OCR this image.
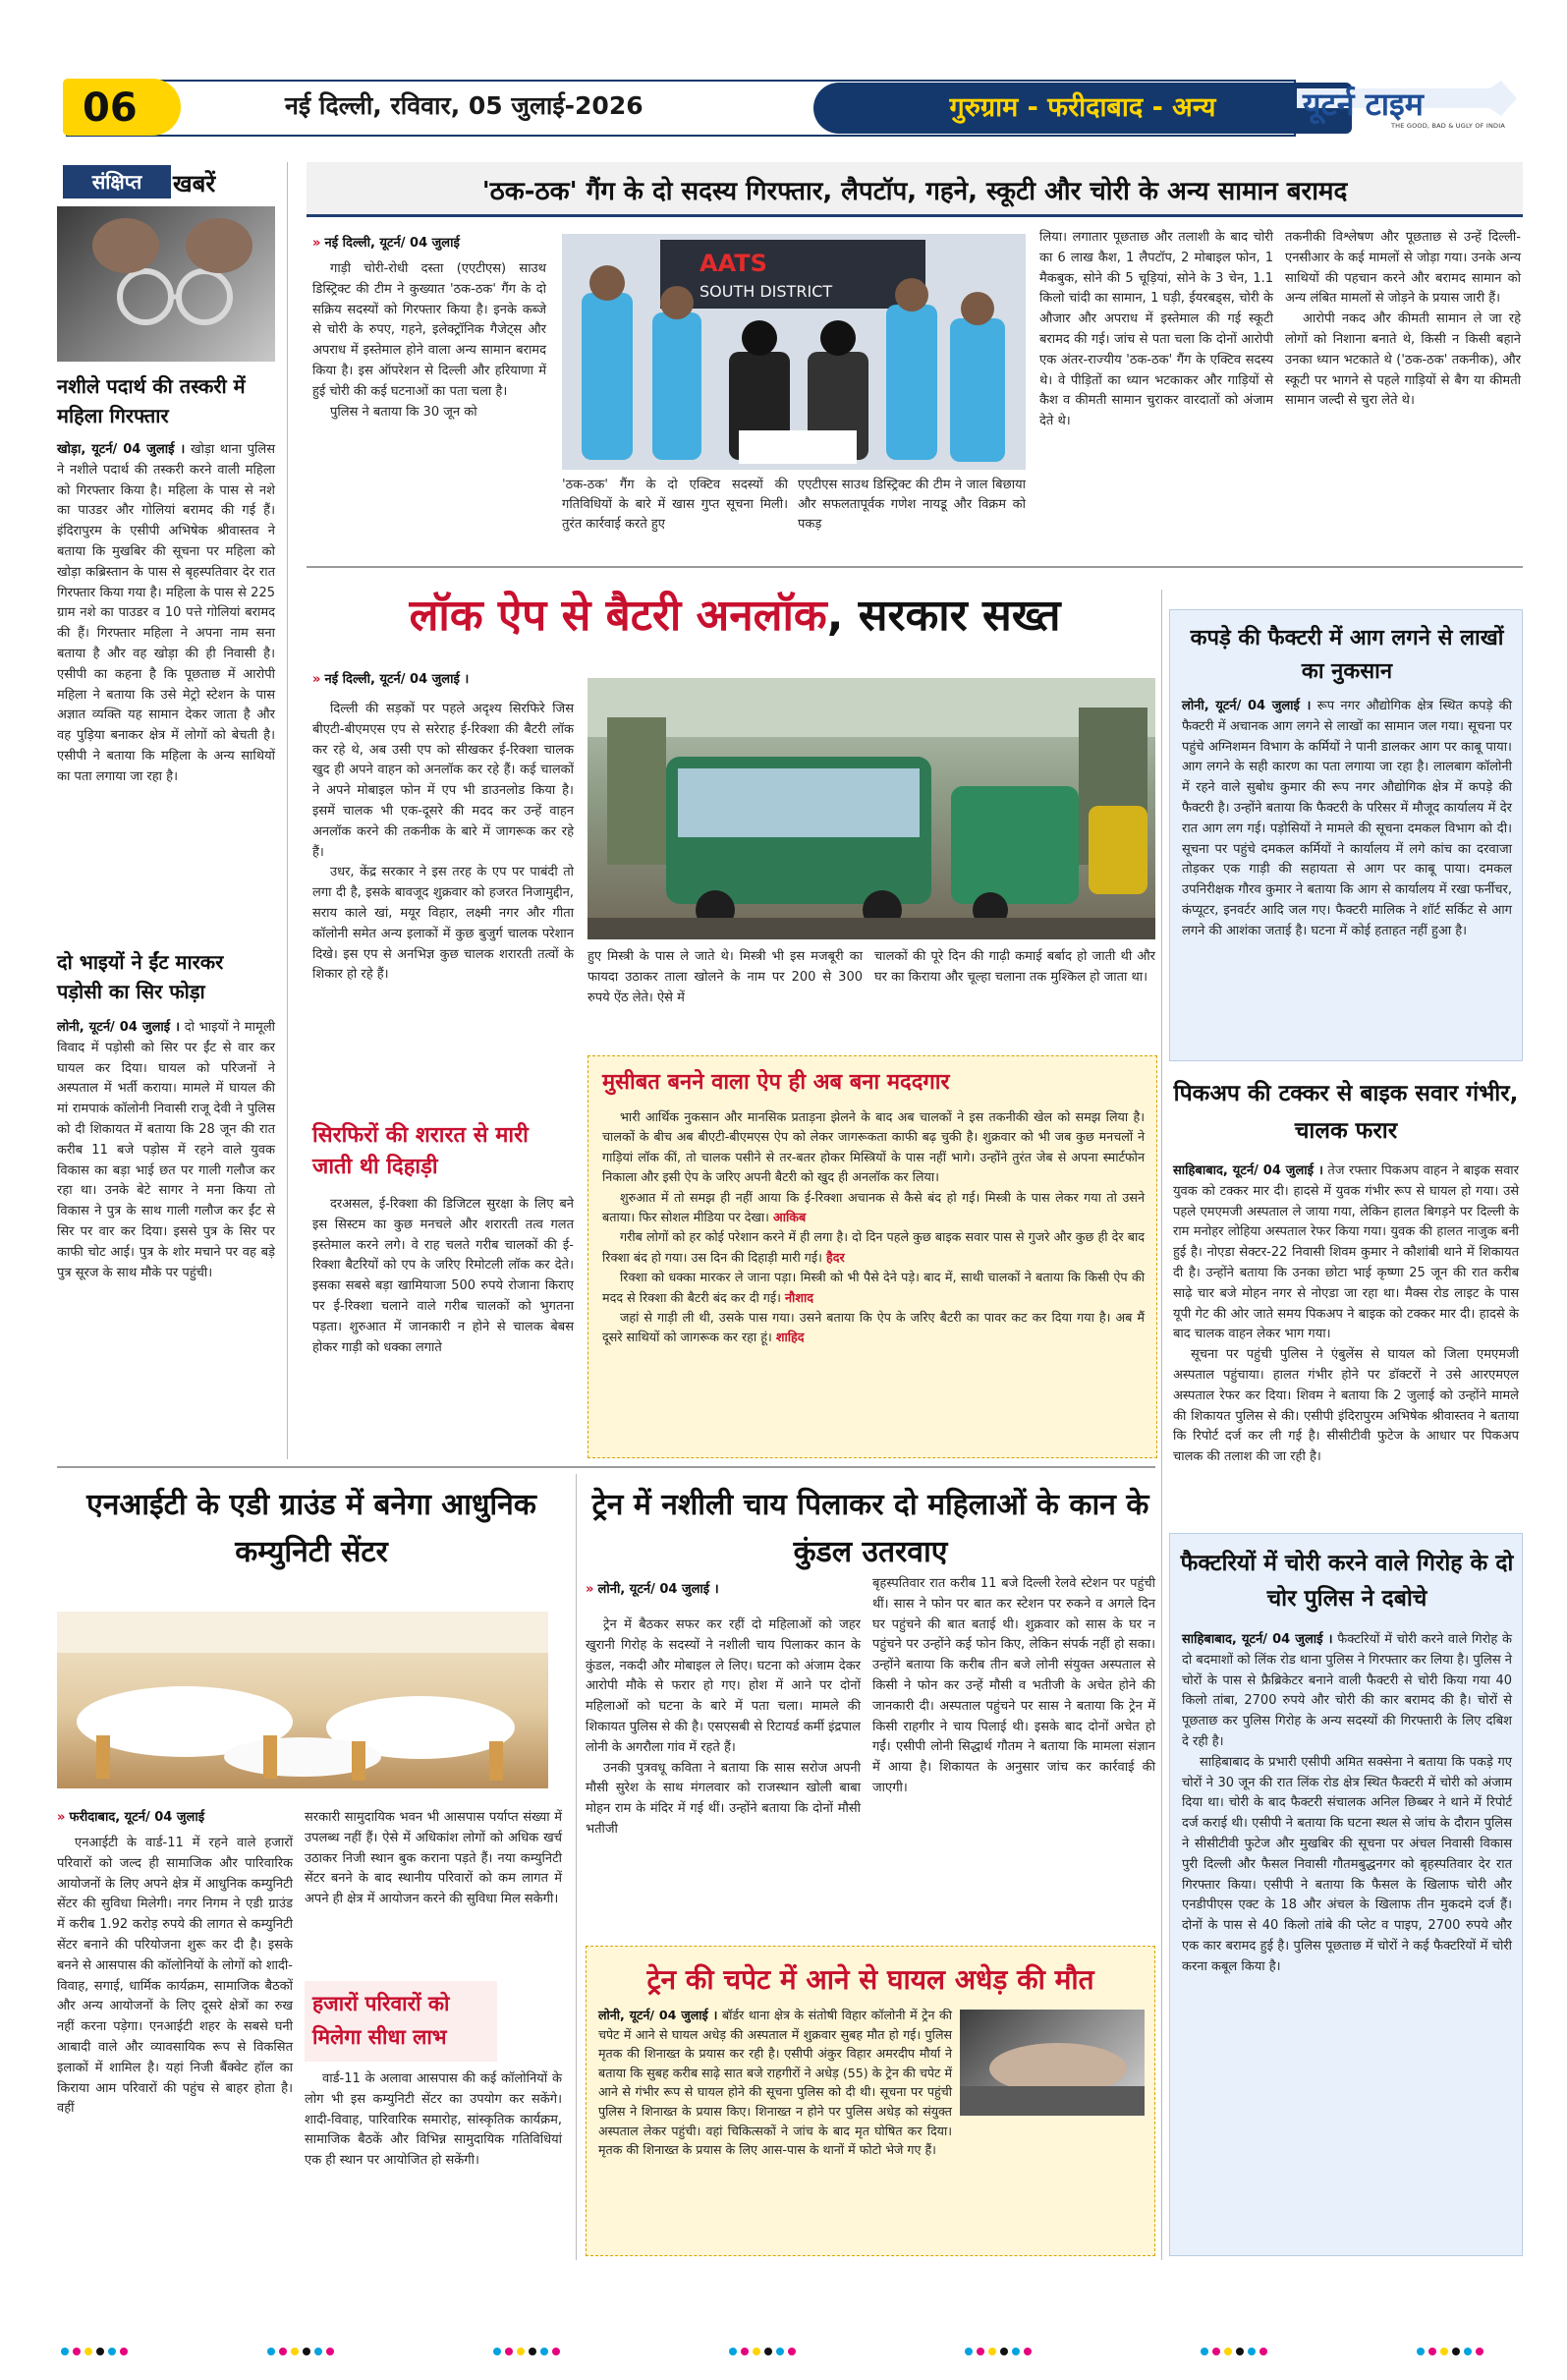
06	नई दिल्ली, रविवार, 05 जुलाई-2026	गुरुग्राम - फरीदाबाद - अन्य	यूटर्न टाइम
THE GOOD, BAD & UGLY OF INDIA
संक्षिप्त	खबरें
नशीले पदार्थ की तस्करी में महिला गिरफ्तार

खोड़ा, यूटर्न/ 04 जुलाई । खोड़ा थाना पुलिस ने नशीले पदार्थ की तस्करी करने वाली महिला को गिरफ्तार किया है। महिला के पास से नशे का पाउडर और गोलियां बरामद की गई हैं। इंदिरापुरम के एसीपी अभिषेक श्रीवास्तव ने बताया कि मुखबिर की सूचना पर महिला को खोड़ा कब्रिस्तान के पास से बृहस्पतिवार देर रात गिरफ्तार किया गया है। महिला के पास से 225 ग्राम नशे का पाउडर व 10 पत्ते गोलियां बरामद की हैं। गिरफ्तार महिला ने अपना नाम सना बताया है और वह खोड़ा की ही निवासी है। एसीपी का कहना है कि पूछताछ में आरोपी महिला ने बताया कि उसे मेट्रो स्टेशन के पास अज्ञात व्यक्ति यह सामान देकर जाता है और वह पुड़िया बनाकर क्षेत्र में लोगों को बेचती है। एसीपी ने बताया कि महिला के अन्य साथियों का पता लगाया जा रहा है।

दो भाइयों ने ईंट मारकर पड़ोसी का सिर फोड़ा

लोनी, यूटर्न/ 04 जुलाई । दो भाइयों ने मामूली विवाद में पड़ोसी को सिर पर ईंट से वार कर घायल कर दिया। घायल को परिजनों ने अस्पताल में भर्ती कराया। मामले में घायल की मां रामपाकं कॉलोनी निवासी राजू देवी ने पुलिस को दी शिकायत में बताया कि 28 जून की रात करीब 11 बजे पड़ोस में रहने वाले युवक विकास का बड़ा भाई छत पर गाली गलौज कर रहा था। उनके बेटे सागर ने मना किया तो विकास ने पुत्र के साथ गाली गलौज कर ईंट से सिर पर वार कर दिया। इससे पुत्र के सिर पर काफी चोट आई। पुत्र के शोर मचाने पर वह बड़े पुत्र सूरज के साथ मौके पर पहुंची।

'ठक-ठक' गैंग के दो सदस्य गिरफ्तार, लैपटॉप, गहने, स्कूटी और चोरी के अन्य सामान बरामद
» नई दिल्ली, यूटर्न/ 04 जुलाई

गाड़ी चोरी-रोधी दस्ता (एएटीएस) साउथ डिस्ट्रिक्ट की टीम ने कुख्यात 'ठक-ठक' गैंग के दो सक्रिय सदस्यों को गिरफ्तार किया है। इनके कब्जे से चोरी के रुपए, गहने, इलेक्ट्रॉनिक गैजेट्स और अपराध में इस्तेमाल होने वाला अन्य सामान बरामद किया है। इस ऑपरेशन से दिल्ली और हरियाणा में हुई चोरी की कई घटनाओं का पता चला है।

पुलिस ने बताया कि 30 जून को

AATS
SOUTH DISTRICT
'ठक-ठक' गैंग के दो एक्टिव सदस्यों की गतिविधियों के बारे में खास गुप्त सूचना मिली। तुरंत कार्रवाई करते हुए
एएटीएस साउथ डिस्ट्रिक्ट की टीम ने जाल बिछाया और सफलतापूर्वक गणेश नायडू और विक्रम को पकड़

लिया। लगातार पूछताछ और तलाशी के बाद चोरी का 6 लाख कैश, 1 लैपटॉप, 2 मोबाइल फोन, 1 मैकबुक, सोने की 5 चूड़ियां, सोने के 3 चेन, 1.1 किलो चांदी का सामान, 1 घड़ी, ईयरबड्स, चोरी के औजार और अपराध में इस्तेमाल की गई स्कूटी बरामद की गई। जांच से पता चला कि दोनों आरोपी एक अंतर-राज्यीय 'ठक-ठक' गैंग के एक्टिव सदस्य थे। वे पीड़ितों का ध्यान भटकाकर और गाड़ियों से कैश व कीमती सामान चुराकर वारदातों को अंजाम देते थे।

तकनीकी विश्लेषण और पूछताछ से उन्हें दिल्ली-एनसीआर के कई मामलों से जोड़ा गया। उनके अन्य साथियों की पहचान करने और बरामद सामान को अन्य लंबित मामलों से जोड़ने के प्रयास जारी हैं।

आरोपी नकद और कीमती सामान ले जा रहे लोगों को निशाना बनाते थे, किसी न किसी बहाने उनका ध्यान भटकाते थे ('ठक-ठक' तकनीक), और स्कूटी पर भागने से पहले गाड़ियों से बैग या कीमती सामान जल्दी से चुरा लेते थे।

लॉक ऐप से बैटरी अनलॉक, सरकार सख्त
» नई दिल्ली, यूटर्न/ 04 जुलाई ।

दिल्ली की सड़कों पर पहले अदृश्य सिरफिरे जिस बीएटी-बीएमएस एप से सरेराह ई-रिक्शा की बैटरी लॉक कर रहे थे, अब उसी एप को सीखकर ई-रिक्शा चालक खुद ही अपने वाहन को अनलॉक कर रहे हैं। कई चालकों ने अपने मोबाइल फोन में एप भी डाउनलोड किया है। इसमें चालक भी एक-दूसरे की मदद कर उन्हें वाहन अनलॉक करने की तकनीक के बारे में जागरूक कर रहे हैं।

उधर, केंद्र सरकार ने इस तरह के एप पर पाबंदी तो लगा दी है, इसके बावजूद शुक्रवार को हजरत निजामुद्दीन, सराय काले खां, मयूर विहार, लक्ष्मी नगर और गीता कॉलोनी समेत अन्य इलाकों में कुछ बुजुर्ग चालक परेशान दिखे। इस एप से अनभिज्ञ कुछ चालक शरारती तत्वों के शिकार हो रहे हैं।

सिरफिरों की शरारत से मारी जाती थी दिहाड़ी

दरअसल, ई-रिक्शा की डिजिटल सुरक्षा के लिए बने इस सिस्टम का कुछ मनचले और शरारती तत्व गलत इस्तेमाल करने लगे। वे राह चलते गरीब चालकों की ई-रिक्शा बैटरियों को एप के जरिए रिमोटली लॉक कर देते। इसका सबसे बड़ा खामियाजा 500 रुपये रोजाना किराए पर ई-रिक्शा चलाने वाले गरीब चालकों को भुगतना पड़ता। शुरुआत में जानकारी न होने से चालक बेबस होकर गाड़ी को धक्का लगाते

हुए मिस्त्री के पास ले जाते थे। मिस्त्री भी इस मजबूरी का फायदा उठाकर ताला खोलने के नाम पर 200 से 300 रुपये ऐंठ लेते। ऐसे में

चालकों की पूरे दिन की गाढ़ी कमाई बर्बाद हो जाती थी और घर का किराया और चूल्हा चलाना तक मुश्किल हो जाता था।

मुसीबत बनने वाला ऐप ही अब बना मददगार

भारी आर्थिक नुकसान और मानसिक प्रताड़ना झेलने के बाद अब चालकों ने इस तकनीकी खेल को समझ लिया है। चालकों के बीच अब बीएटी-बीएमएस ऐप को लेकर जागरूकता काफी बढ़ चुकी है। शुक्रवार को भी जब कुछ मनचलों ने गाड़ियां लॉक कीं, तो चालक पसीने से तर-बतर होकर मिस्त्रियों के पास नहीं भागे। उन्होंने तुरंत जेब से अपना स्मार्टफोन निकाला और इसी ऐप के जरिए अपनी बैटरी को खुद ही अनलॉक कर लिया।

शुरुआत में तो समझ ही नहीं आया कि ई-रिक्शा अचानक से कैसे बंद हो गई। मिस्त्री के पास लेकर गया तो उसने बताया। फिर सोशल मीडिया पर देखा। आकिब

गरीब लोगों को हर कोई परेशान करने में ही लगा है। दो दिन पहले कुछ बाइक सवार पास से गुजरे और कुछ ही देर बाद रिक्शा बंद हो गया। उस दिन की दिहाड़ी मारी गई। हैदर

रिक्शा को धक्का मारकर ले जाना पड़ा। मिस्त्री को भी पैसे देने पड़े। बाद में, साथी चालकों ने बताया कि किसी ऐप की मदद से रिक्शा की बैटरी बंद कर दी गई। नौशाद

जहां से गाड़ी ली थी, उसके पास गया। उसने बताया कि ऐप के जरिए बैटरी का पावर कट कर दिया गया है। अब मैं दूसरे साथियों को जागरूक कर रहा हूं। शाहिद

कपड़े की फैक्टरी में आग लगने से लाखों का नुकसान

लोनी, यूटर्न/ 04 जुलाई । रूप नगर औद्योगिक क्षेत्र स्थित कपड़े की फैक्टरी में अचानक आग लगने से लाखों का सामान जल गया। सूचना पर पहुंचे अग्निशमन विभाग के कर्मियों ने पानी डालकर आग पर काबू पाया। आग लगने के सही कारण का पता लगाया जा रहा है। लालबाग कॉलोनी में रहने वाले सुबोध कुमार की रूप नगर औद्योगिक क्षेत्र में कपड़े की फैक्टरी है। उन्होंने बताया कि फैक्टरी के परिसर में मौजूद कार्यालय में देर रात आग लग गई। पड़ोसियों ने मामले की सूचना दमकल विभाग को दी। सूचना पर पहुंचे दमकल कर्मियों ने कार्यालय में लगे कांच का दरवाजा तोड़कर एक गाड़ी की सहायता से आग पर काबू पाया। दमकल उपनिरीक्षक गौरव कुमार ने बताया कि आग से कार्यालय में रखा फर्नीचर, कंप्यूटर, इनवर्टर आदि जल गए। फैक्टरी मालिक ने शॉर्ट सर्किट से आग लगने की आशंका जताई है। घटना में कोई हताहत नहीं हुआ है।

पिकअप की टक्कर से बाइक सवार गंभीर, चालक फरार

साहिबाबाद, यूटर्न/ 04 जुलाई । तेज रफ्तार पिकअप वाहन ने बाइक सवार युवक को टक्कर मार दी। हादसे में युवक गंभीर रूप से घायल हो गया। उसे पहले एमएमजी अस्पताल ले जाया गया, लेकिन हालत बिगड़ने पर दिल्ली के राम मनोहर लोहिया अस्पताल रेफर किया गया। युवक की हालत नाजुक बनी हुई है। नोएडा सेक्टर-22 निवासी शिवम कुमार ने कौशांबी थाने में शिकायत दी है। उन्होंने बताया कि उनका छोटा भाई कृष्णा 25 जून की रात करीब साढ़े चार बजे मोहन नगर से नोएडा जा रहा था। मैक्स रोड लाइट के पास यूपी गेट की ओर जाते समय पिकअप ने बाइक को टक्कर मार दी। हादसे के बाद चालक वाहन लेकर भाग गया।

सूचना पर पहुंची पुलिस ने एंबुलेंस से घायल को जिला एमएमजी अस्पताल पहुंचाया। हालत गंभीर होने पर डॉक्टरों ने उसे आरएमएल अस्पताल रेफर कर दिया। शिवम ने बताया कि 2 जुलाई को उन्होंने मामले की शिकायत पुलिस से की। एसीपी इंदिरापुरम अभिषेक श्रीवास्तव ने बताया कि रिपोर्ट दर्ज कर ली गई है। सीसीटीवी फुटेज के आधार पर पिकअप चालक की तलाश की जा रही है।

फैक्टरियों में चोरी करने वाले गिरोह के दो चोर पुलिस ने दबोचे

साहिबाबाद, यूटर्न/ 04 जुलाई । फैक्टरियों में चोरी करने वाले गिरोह के दो बदमाशों को लिंक रोड थाना पुलिस ने गिरफ्तार कर लिया है। पुलिस ने चोरों के पास से फ्रैब्रिकेटर बनाने वाली फैक्टरी से चोरी किया गया 40 किलो तांबा, 2700 रुपये और चोरी की कार बरामद की है। चोरों से पूछताछ कर पुलिस गिरोह के अन्य सदस्यों की गिरफ्तारी के लिए दबिश दे रही है।

साहिबाबाद के प्रभारी एसीपी अमित सक्सेना ने बताया कि पकड़े गए चोरों ने 30 जून की रात लिंक रोड क्षेत्र स्थित फैक्टरी में चोरी को अंजाम दिया था। चोरी के बाद फैक्टरी संचालक अनिल छिब्बर ने थाने में रिपोर्ट दर्ज कराई थी। एसीपी ने बताया कि घटना स्थल से जांच के दौरान पुलिस ने सीसीटीवी फुटेज और मुखबिर की सूचना पर अंचल निवासी विकास पुरी दिल्ली और फैसल निवासी गौतमबुद्धनगर को बृहस्पतिवार देर रात गिरफ्तार किया। एसीपी ने बताया कि फैसल के खिलाफ चोरी और एनडीपीएस एक्ट के 18 और अंचल के खिलाफ तीन मुकदमे दर्ज हैं। दोनों के पास से 40 किलो तांबे की प्लेट व पाइप, 2700 रुपये और एक कार बरामद हुई है। पुलिस पूछताछ में चोरों ने कई फैक्टरियों में चोरी करना कबूल किया है।

एनआईटी के एडी ग्राउंड में बनेगा आधुनिक कम्युनिटी सेंटर
» फरीदाबाद, यूटर्न/ 04 जुलाई

एनआईटी के वार्ड-11 में रहने वाले हजारों परिवारों को जल्द ही सामाजिक और पारिवारिक आयोजनों के लिए अपने क्षेत्र में आधुनिक कम्युनिटी सेंटर की सुविधा मिलेगी। नगर निगम ने एडी ग्राउंड में करीब 1.92 करोड़ रुपये की लागत से कम्युनिटी सेंटर बनाने की परियोजना शुरू कर दी है। इसके बनने से आसपास की कॉलोनियों के लोगों को शादी-विवाह, सगाई, धार्मिक कार्यक्रम, सामाजिक बैठकों और अन्य आयोजनों के लिए दूसरे क्षेत्रों का रुख नहीं करना पड़ेगा। एनआईटी शहर के सबसे घनी आबादी वाले और व्यावसायिक रूप से विकसित इलाकों में शामिल है। यहां निजी बैंक्वेट हॉल का किराया आम परिवारों की पहुंच से बाहर होता है। वहीं

सरकारी सामुदायिक भवन भी आसपास पर्याप्त संख्या में उपलब्ध नहीं हैं। ऐसे में अधिकांश लोगों को अधिक खर्च उठाकर निजी स्थान बुक कराना पड़ते हैं। नया कम्युनिटी सेंटर बनने के बाद स्थानीय परिवारों को कम लागत में अपने ही क्षेत्र में आयोजन करने की सुविधा मिल सकेगी।

हजारों परिवारों को मिलेगा सीधा लाभ

वार्ड-11 के अलावा आसपास की कई कॉलोनियों के लोग भी इस कम्युनिटी सेंटर का उपयोग कर सकेंगे। शादी-विवाह, पारिवारिक समारोह, सांस्कृतिक कार्यक्रम, सामाजिक बैठकें और विभिन्न सामुदायिक गतिविधियां एक ही स्थान पर आयोजित हो सकेंगी।

ट्रेन में नशीली चाय पिलाकर दो महिलाओं के कान के कुंडल उतरवाए
» लोनी, यूटर्न/ 04 जुलाई ।

ट्रेन में बैठकर सफर कर रहीं दो महिलाओं को जहर खुरानी गिरोह के सदस्यों ने नशीली चाय पिलाकर कान के कुंडल, नकदी और मोबाइल ले लिए। घटना को अंजाम देकर आरोपी मौके से फरार हो गए। होश में आने पर दोनों महिलाओं को घटना के बारे में पता चला। मामले की शिकायत पुलिस से की है। एसएसबी से रिटायर्ड कर्मी इंद्रपाल लोनी के अगरौला गांव में रहते हैं।

उनकी पुत्रवधू कविता ने बताया कि सास सरोज अपनी मौसी सुरेश के साथ मंगलवार को राजस्थान खोली बाबा मोहन राम के मंदिर में गई थीं। उन्होंने बताया कि दोनों मौसी भतीजी

बृहस्पतिवार रात करीब 11 बजे दिल्ली रेलवे स्टेशन पर पहुंची थीं। सास ने फोन पर बात कर स्टेशन पर रुकने व अगले दिन घर पहुंचने की बात बताई थी। शुक्रवार को सास के घर न पहुंचने पर उन्होंने कई फोन किए, लेकिन संपर्क नहीं हो सका। उन्होंने बताया कि करीब तीन बजे लोनी संयुक्त अस्पताल से किसी ने फोन कर उन्हें मौसी व भतीजी के अचेत होने की जानकारी दी। अस्पताल पहुंचने पर सास ने बताया कि ट्रेन में किसी राहगीर ने चाय पिलाई थी। इसके बाद दोनों अचेत हो गईं। एसीपी लोनी सिद्धार्थ गौतम ने बताया कि मामला संज्ञान में आया है। शिकायत के अनुसार जांच कर कार्रवाई की जाएगी।

ट्रेन की चपेट में आने से घायल अधेड़ की मौत

लोनी, यूटर्न/ 04 जुलाई । बॉर्डर थाना क्षेत्र के संतोषी विहार कॉलोनी में ट्रेन की चपेट में आने से घायल अधेड़ की अस्पताल में शुक्रवार सुबह मौत हो गई। पुलिस मृतक की शिनाख्त के प्रयास कर रही है। एसीपी अंकुर विहार अमरदीप मौर्या ने बताया कि सुबह करीब साढ़े सात बजे राहगीरों ने अधेड़ (55) के ट्रेन की चपेट में आने से गंभीर रूप से घायल होने की सूचना पुलिस को दी थी। सूचना पर पहुंची पुलिस ने शिनाख्त के प्रयास किए। शिनाख्त न होने पर पुलिस अधेड़ को संयुक्त अस्पताल लेकर पहुंची। वहां चिकित्सकों ने जांच के बाद मृत घोषित कर दिया। मृतक की शिनाख्त के प्रयास के लिए आस-पास के थानों में फोटो भेजे गए हैं।
